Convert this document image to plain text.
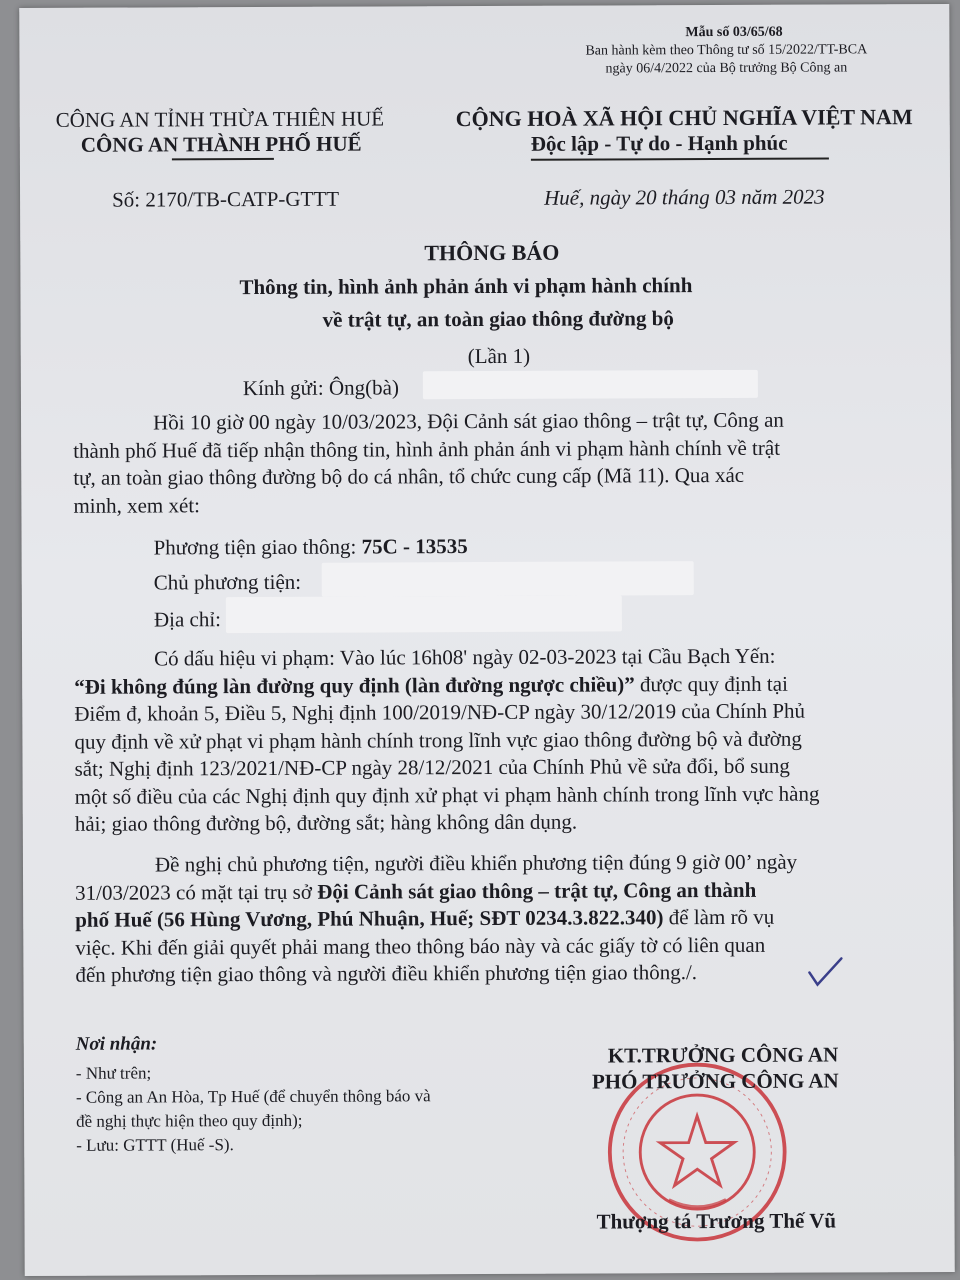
Mẫu số 03/65/68
Ban hành kèm theo Thông tư số 15/2022/TT-BCA
ngày 06/4/2022 của Bộ trưởng Bộ Công an
CÔNG AN TỈNH THỪA THIÊN HUẾ
CÔNG AN THÀNH PHỐ HUẾ
Số: 2170/TB-CATP-GTTT
CỘNG HOÀ XÃ HỘI CHỦ NGHĨA VIỆT NAM
Độc lập - Tự do - Hạnh phúc
Huế, ngày 20 tháng 03 năm 2023
THÔNG BÁO
Thông tin, hình ảnh phản ánh vi phạm hành chính
về trật tự, an toàn giao thông đường bộ
(Lần 1)
Kính gửi: Ông(bà)
Hồi 10 giờ 00 ngày 10/03/2023, Đội Cảnh sát giao thông – trật tự, Công an
thành phố Huế đã tiếp nhận thông tin, hình ảnh phản ánh vi phạm hành chính về trật
tự, an toàn giao thông đường bộ do cá nhân, tổ chức cung cấp (Mã 11). Qua xác
minh, xem xét:
Phương tiện giao thông: 75C - 13535
Chủ phương tiện:
Địa chỉ:
Có dấu hiệu vi phạm: Vào lúc 16h08' ngày 02-03-2023 tại Cầu Bạch Yến:
“Đi không đúng làn đường quy định (làn đường ngược chiều)” được quy định tại
Điểm đ, khoản 5, Điều 5, Nghị định 100/2019/NĐ-CP ngày 30/12/2019 của Chính Phủ
quy định về xử phạt vi phạm hành chính trong lĩnh vực giao thông đường bộ và đường
sắt; Nghị định 123/2021/NĐ-CP ngày 28/12/2021 của Chính Phủ về sửa đổi, bổ sung
một số điều của các Nghị định quy định xử phạt vi phạm hành chính trong lĩnh vực hàng
hải; giao thông đường bộ, đường sắt; hàng không dân dụng.
Đề nghị chủ phương tiện, người điều khiển phương tiện đúng 9 giờ 00’ ngày
31/03/2023 có mặt tại trụ sở Đội Cảnh sát giao thông – trật tự, Công an thành
phố Huế (56 Hùng Vương, Phú Nhuận, Huế; SĐT 0234.3.822.340) để làm rõ vụ
việc. Khi đến giải quyết phải mang theo thông báo này và các giấy tờ có liên quan
đến phương tiện giao thông và người điều khiển phương tiện giao thông./.
Nơi nhận:
- Như trên;
- Công an An Hòa, Tp Huế (để chuyển thông báo và
đề nghị thực hiện theo quy định);
- Lưu: GTTT (Huế -S).
KT.TRƯỞNG CÔNG AN
PHÓ TRƯỞNG CÔNG AN
Thượng tá Trương Thế Vũ
